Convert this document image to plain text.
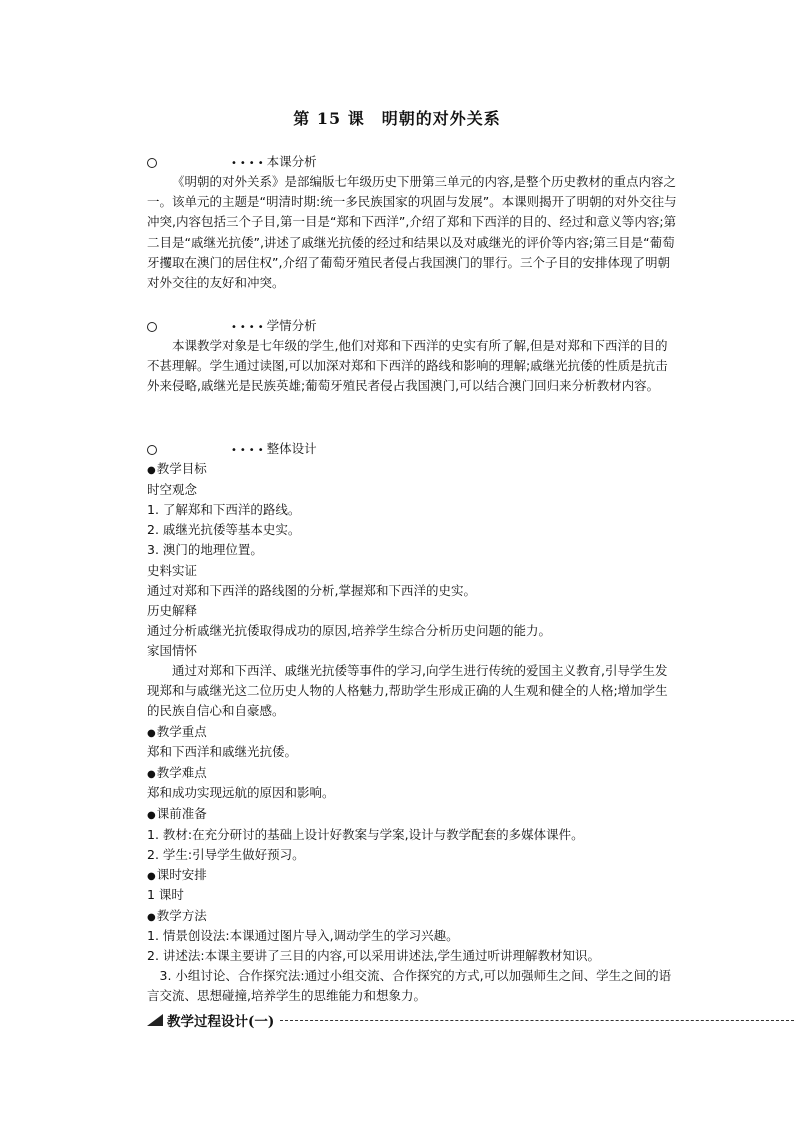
第 15 课　明朝的对外关系
••••本课分析

《明朝的对外关系》是部编版七年级历史下册第三单元的内容,是整个历史教材的重点内容之一。该单元的主题是“明清时期:统一多民族国家的巩固与发展”。本课则揭开了明朝的对外交往与冲突,内容包括三个子目,第一目是“郑和下西洋”,介绍了郑和下西洋的目的、经过和意义等内容;第二目是“戚继光抗倭”,讲述了戚继光抗倭的经过和结果以及对戚继光的评价等内容;第三目是“葡萄牙攫取在澳门的居住权”,介绍了葡萄牙殖民者侵占我国澳门的罪行。三个子目的安排体现了明朝对外交往的友好和冲突。

••••学情分析

本课教学对象是七年级的学生,他们对郑和下西洋的史实有所了解,但是对郑和下西洋的目的不甚理解。学生通过读图,可以加深对郑和下西洋的路线和影响的理解;戚继光抗倭的性质是抗击外来侵略,戚继光是民族英雄;葡萄牙殖民者侵占我国澳门,可以结合澳门回归来分析教材内容。

••••整体设计
● 教学目标
时空观念
1. 了解郑和下西洋的路线。
2. 戚继光抗倭等基本史实。
3. 澳门的地理位置。
史料实证
通过对郑和下西洋的路线图的分析,掌握郑和下西洋的史实。
历史解释
通过分析戚继光抗倭取得成功的原因,培养学生综合分析历史问题的能力。
家国情怀

通过对郑和下西洋、戚继光抗倭等事件的学习,向学生进行传统的爱国主义教育,引导学生发现郑和与戚继光这二位历史人物的人格魅力,帮助学生形成正确的人生观和健全的人格;增加学生的民族自信心和自豪感。

● 教学重点
郑和下西洋和戚继光抗倭。
● 教学难点
郑和成功实现远航的原因和影响。
● 课前准备
1. 教材:在充分研讨的基础上设计好教案与学案,设计与教学配套的多媒体课件。
2. 学生:引导学生做好预习。
● 课时安排
1 课时
● 教学方法
1. 情景创设法:本课通过图片导入,调动学生的学习兴趣。
2. 讲述法:本课主要讲了三目的内容,可以采用讲述法,学生通过听讲理解教材知识。

3. 小组讨论、合作探究法:通过小组交流、合作探究的方式,可以加强师生之间、学生之间的语言交流、思想碰撞,培养学生的思维能力和想象力。

教学过程设计(一)
